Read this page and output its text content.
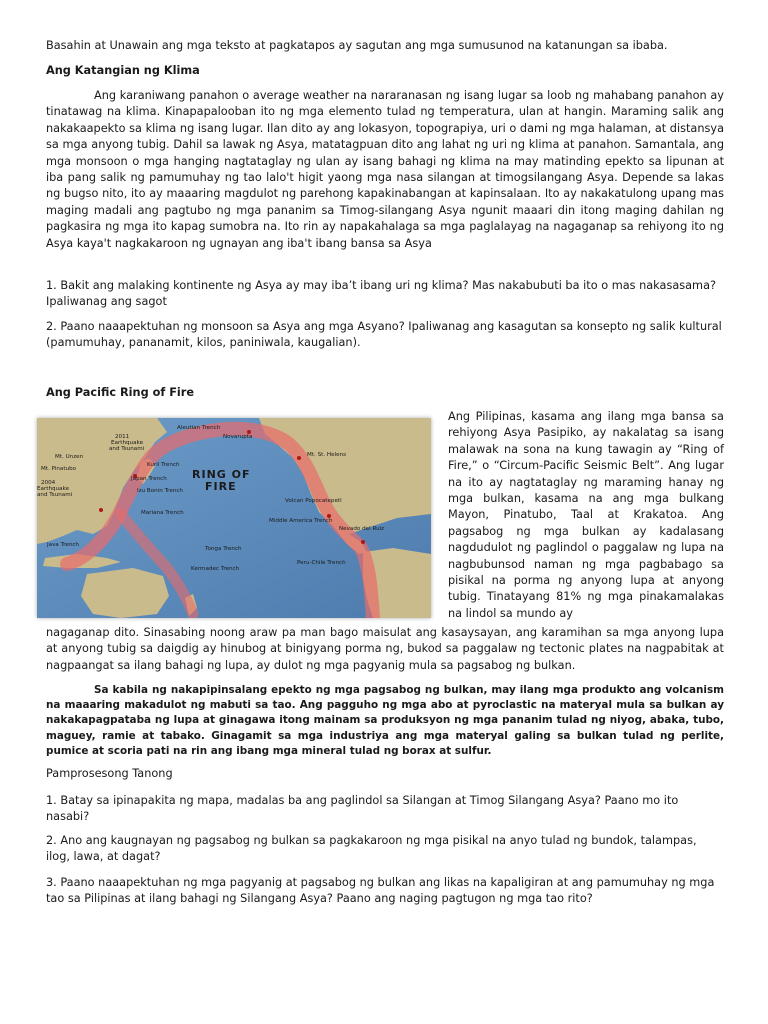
Basahin at Unawain ang mga teksto at pagkatapos ay sagutan ang mga sumusunod na katanungan sa ibaba.

Ang Katangian ng Klima

Ang karaniwang panahon o average weather na nararanasan ng isang lugar sa loob ng mahabang panahon ay tinatawag na klima. Kinapapalooban ito ng mga elemento tulad ng temperatura, ulan at hangin. Maraming salik ang nakakaapekto sa klima ng isang lugar. Ilan dito ay ang lokasyon, topograpiya, uri o dami ng mga halaman, at distansya sa mga anyong tubig. Dahil sa lawak ng Asya, matatagpuan dito ang lahat ng uri ng klima at panahon. Samantala, ang mga monsoon o mga hanging nagtataglay ng ulan ay isang bahagi ng klima na may matinding epekto sa lipunan at iba pang salik ng pamumuhay ng tao lalo't higit yaong mga nasa silangan at timogsilangang Asya. Depende sa lakas ng bugso nito, ito ay maaaring magdulot ng parehong kapakinabangan at kapinsalaan. Ito ay nakakatulong upang mas maging madali ang pagtubo ng mga pananim sa Timog-silangang Asya ngunit maaari din itong maging dahilan ng pagkasira ng mga ito kapag sumobra na. Ito rin ay napakahalaga sa mga paglalayag na nagaganap sa rehiyong ito ng Asya kaya't nagkakaroon ng ugnayan ang iba't ibang bansa sa Asya

1. Bakit ang malaking kontinente ng Asya ay may iba’t ibang uri ng klima? Mas nakabubuti ba ito o mas nakasasama? Ipaliwanag ang sagot

2. Paano naaapektuhan ng monsoon sa Asya ang mga Asyano? Ipaliwanag ang kasagutan sa konsepto ng salik kultural (pamumuhay, pananamit, kilos, paniniwala, kaugalian).

Ang Pacific Ring of Fire

Ang Pilipinas, kasama ang ilang mga bansa sa rehiyong Asya Pasipiko, ay nakalatag sa isang malawak na sona na kung tawagin ay “Ring of Fire,” o “Circum-Pacific Seismic Belt”. Ang lugar na ito ay nagtataglay ng maraming hanay ng mga bulkan, kasama na ang mga bulkang Mayon, Pinatubo, Taal at Krakatoa. Ang pagsabog ng mga bulkan ay kadalasang nagdudulot ng paglindol o paggalaw ng lupa na nagbubunsod naman ng mga pagbabago sa pisikal na porma ng anyong lupa at anyong tubig. Tinatayang 81% ng mga pinakamalakas na lindol sa mundo ay

nagaganap dito. Sinasabing noong araw pa man bago maisulat ang kasaysayan, ang karamihan sa mga anyong lupa at anyong tubig sa daigdig ay hinubog at binigyang porma ng, bukod sa paggalaw ng tectonic plates na nagpabitak at nagpaangat sa ilang bahagi ng lupa, ay dulot ng mga pagyanig mula sa pagsabog ng bulkan.

Sa kabila ng nakapipinsalang epekto ng mga pagsabog ng bulkan, may ilang mga produkto ang volcanism na maaaring makadulot ng mabuti sa tao. Ang pagguho ng mga abo at pyroclastic na materyal mula sa bulkan ay nakakapagpataba ng lupa at ginagawa itong mainam sa produksyon ng mga pananim tulad ng niyog, abaka, tubo, maguey, ramie at tabako. Ginagamit sa mga industriya ang mga materyal galing sa bulkan tulad ng perlite, pumice at scoria pati na rin ang ibang mga mineral tulad ng borax at sulfur.

Pamprosesong Tanong

1. Batay sa ipinapakita ng mapa, madalas ba ang paglindol sa Silangan at Timog Silangang Asya? Paano mo ito nasabi?

2. Ano ang kaugnayan ng pagsabog ng bulkan sa pagkakaroon ng mga pisikal na anyo tulad ng bundok, talampas, ilog, lawa, at dagat?

3. Paano naaapektuhan ng mga pagyanig at pagsabog ng bulkan ang likas na kapaligiran at ang pamumuhay ng mga tao sa Pilipinas at ilang bahagi ng Silangang Asya? Paano ang naging pagtugon ng mga tao rito?

RING OF
FIRE
Aleutian Trench
Novarupta
2011
Earthquake
and Tsunami
Kuril Trench
Mt. Unzen
Mt. Pinatubo
Japan Trench
2004
Earthquake
and Tsunami
Izu Bonin Trench
Mariana Trench
Java Trench
Tonga Trench
Kermadec Trench
Mt. St. Helens
Volcan Popocatepetl
Middle America Trench
Nevado del Ruiz
Peru-Chile Trench
